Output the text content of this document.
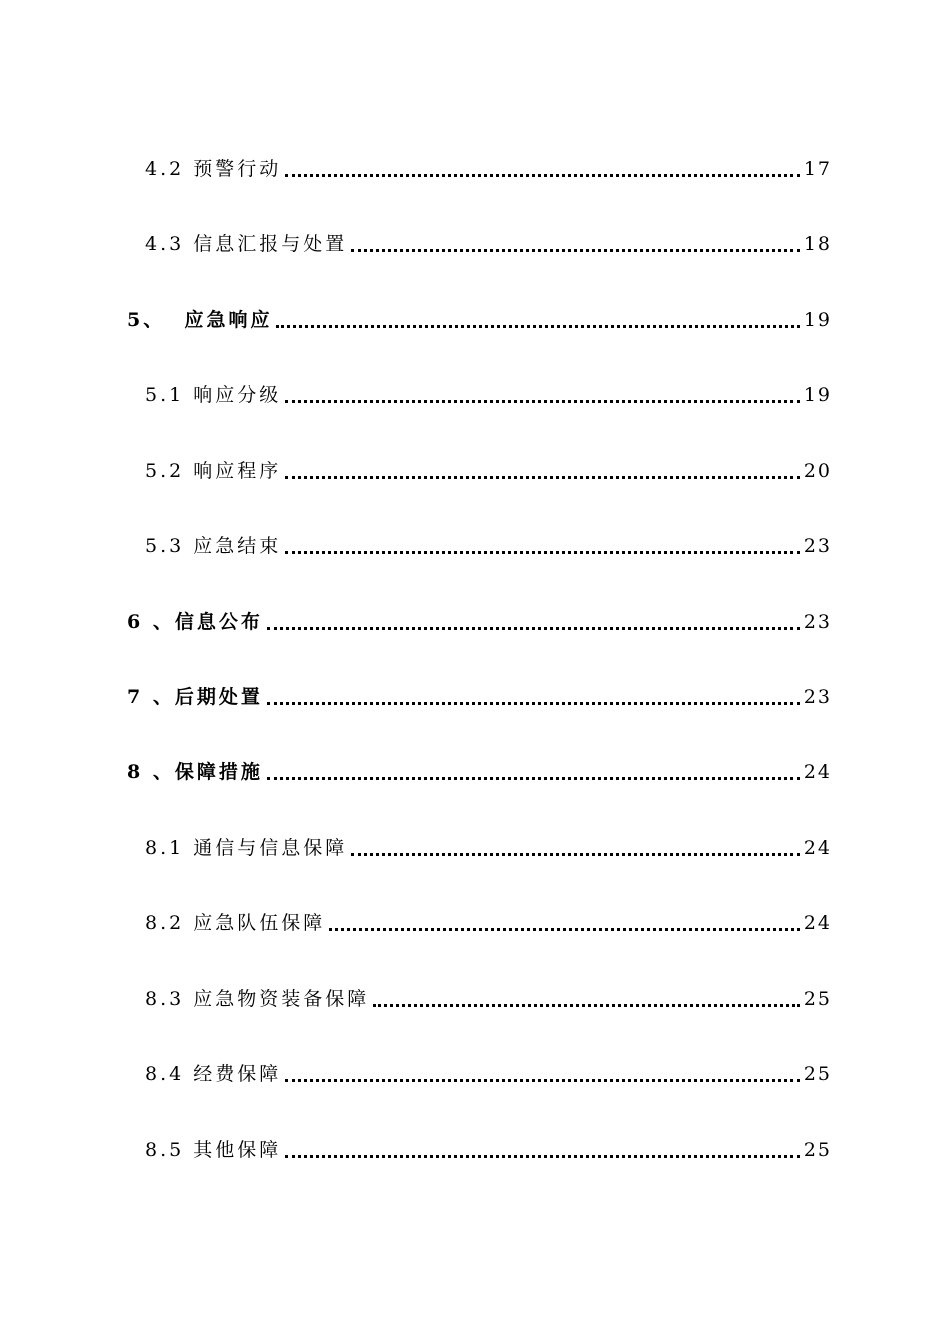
4.2 预警行动	17
4.3 信息汇报与处置	18
5、 应急响应	19
5.1 响应分级	19
5.2 响应程序	20
5.3 应急结束	23
6 、 信息公布	23
7 、 后期处置	23
8 、 保障措施	24
8.1 通信与信息保障	24
8.2 应急队伍保障	24
8.3 应急物资装备保障	25
8.4 经费保障	25
8.5 其他保障	25
